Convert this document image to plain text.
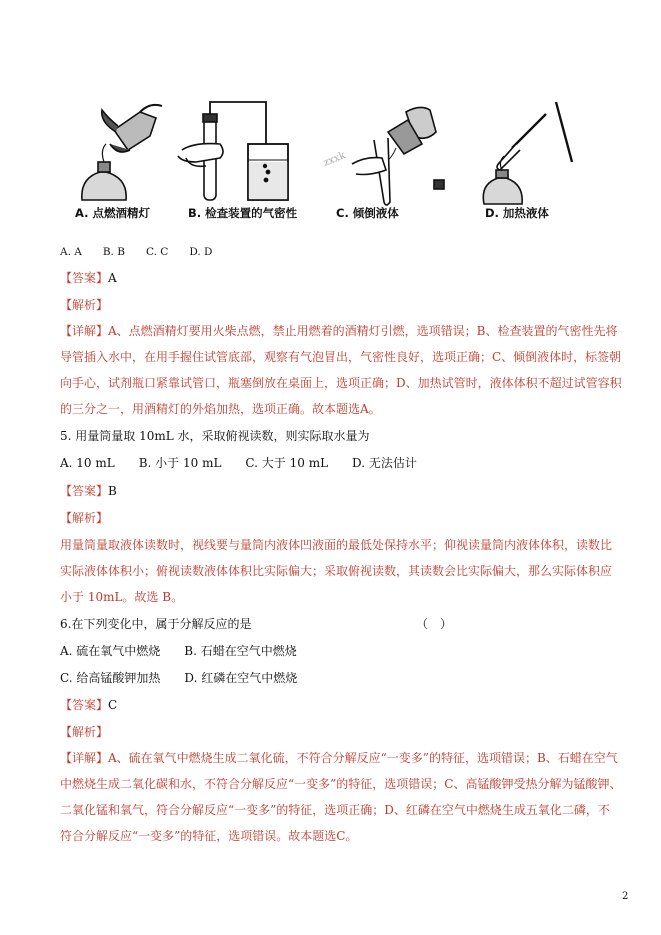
zxxk
A. 点燃酒精灯	B. 检查装置的气密性	C. 倾倒液体	D. 加热液体
A. A　　B. B　　C. C　　D. D
【答案】A
【解析】
【详解】A、点燃酒精灯要用火柴点燃，禁止用燃着的酒精灯引燃，选项错误；B、检查装置的气密性先将
导管插入水中，在用手握住试管底部，观察有气泡冒出，气密性良好，选项正确；C、倾倒液体时，标签朝
向手心，试剂瓶口紧靠试管口，瓶塞倒放在桌面上，选项正确；D、加热试管时，液体体积不超过试管容积
的三分之一，用酒精灯的外焰加热，选项正确。故本题选A。
5. 用量筒量取 10mL 水，采取俯视读数，则实际取水量为
A. 10 mL　　B. 小于 10 mL　　C. 大于 10 mL　　D. 无法估计
【答案】B
【解析】
用量筒量取液体读数时，视线要与量筒内液体凹液面的最低处保持水平；仰视读量筒内液体体积，读数比
实际液体体积小；俯视读数液体体积比实际偏大；采取俯视读数，其读数会比实际偏大，那么实际体积应
小于 10mL。故选 B。
6.在下列变化中，属于分解反应的是	（　）
A. 硫在氧气中燃烧　　B. 石蜡在空气中燃烧
C. 给高锰酸钾加热　　D. 红磷在空气中燃烧
【答案】C
【解析】
【详解】A、硫在氧气中燃烧生成二氧化硫，不符合分解反应“一变多”的特征，选项错误；B、石蜡在空气
中燃烧生成二氧化碳和水，不符合分解反应“一变多”的特征，选项错误；C、高锰酸钾受热分解为锰酸钾、
二氧化锰和氧气，符合分解反应“一变多”的特征，选项正确；D、红磷在空气中燃烧生成五氧化二磷，不
符合分解反应“一变多”的特征，选项错误。故本题选C。
2
